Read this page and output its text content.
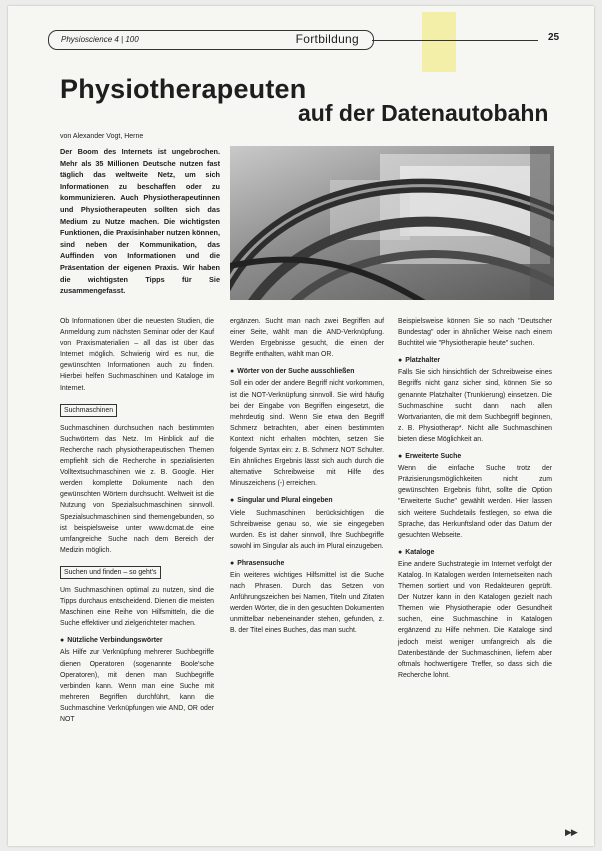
Physioscience 4 | 100	Fortbildung	25
Physiotherapeuten
auf der Datenautobahn
von Alexander Vogt, Herne

Der Boom des Internets ist ungebrochen. Mehr als 35 Millionen Deutsche nutzen fast täglich das weltweite Netz, um sich Informationen zu beschaffen oder zu kommunizieren. Auch Physiotherapeutinnen und Physiotherapeuten sollten sich das Medium zu Nutze machen. Die wichtigsten Funktionen, die Praxisinhaber nutzen können, sind neben der Kommunikation, das Auffinden von Informationen und die Präsentation der eigenen Praxis. Wir haben die wichtigsten Tipps für Sie zusammengefasst.

Ob Informationen über die neuesten Studien, die Anmeldung zum nächsten Seminar oder der Kauf von Praxismaterialien – all das ist über das Internet möglich. Schwierig wird es nur, die gewünschten Informationen auch zu finden. Hierbei helfen Suchmaschinen und Kataloge im Internet.

Suchmaschinen

Suchmaschinen durchsuchen nach bestimmten Suchwörtern das Netz. Im Hinblick auf die Recherche nach physiotherapeutischen Themen empfiehlt sich die Recherche in spezialisierten Volltextsuchmaschinen wie z. B. Google. Hier werden komplette Dokumente nach den gewünschten Wörtern durchsucht. Weltweit ist die Nutzung von Spezialsuchmaschinen sinnvoll. Spezialsuchmaschinen sind themengebunden, so ist beispielsweise unter www.dcmat.de eine umfangreiche Suche nach dem Bereich der Medizin möglich.

Suchen und finden – so geht's

Um Suchmaschinen optimal zu nutzen, sind die Tipps durchaus entscheidend. Dienen die meisten Maschinen eine Reihe von Hilfsmitteln, die die Suche effektiver und zielgerichteter machen.

● Nützliche Verbindungswörter

Als Hilfe zur Verknüpfung mehrerer Suchbegriffe dienen Operatoren (sogenannte Boole'sche Operatoren), mit denen man Suchbegriffe verbinden kann. Wenn man eine Suche mit mehreren Begriffen durchführt, kann die Suchmaschine Verknüpfungen wie AND, OR oder NOT

ergänzen. Sucht man nach zwei Begriffen auf einer Seite, wählt man die AND-Verknüpfung. Werden Ergebnisse gesucht, die einen der Begriffe enthalten, wählt man OR.

● Wörter von der Suche ausschließen

Soll ein oder der andere Begriff nicht vorkommen, ist die NOT-Verknüpfung sinnvoll. Sie wird häufig bei der Eingabe von Begriffen eingesetzt, die mehrdeutig sind. Wenn Sie etwa den Begriff Schmerz betrachten, aber einen bestimmten Kontext nicht erhalten möchten, setzen Sie folgende Syntax ein: z. B. Schmerz NOT Schulter. Ein ähnliches Ergebnis lässt sich auch durch die alternative Schreibweise mit Hilfe des Minuszeichens (-) erreichen.

● Singular und Plural eingeben

Viele Suchmaschinen berücksichtigen die Schreibweise genau so, wie sie eingegeben wurden. Es ist daher sinnvoll, Ihre Suchbegriffe sowohl im Singular als auch im Plural einzugeben.

● Phrasensuche

Ein weiteres wichtiges Hilfsmittel ist die Suche nach Phrasen. Durch das Setzen von Anführungszeichen bei Namen, Titeln und Zitaten werden Wörter, die in den gesuchten Dokumenten unmittelbar nebeneinander stehen, gefunden, z. B. der Titel eines Buches, das man sucht.

Beispielsweise können Sie so nach "Deutscher Bundestag" oder in ähnlicher Weise nach einem Buchtitel wie "Physiotherapie heute" suchen.

● Platzhalter

Falls Sie sich hinsichtlich der Schreibweise eines Begriffs nicht ganz sicher sind, können Sie so genannte Platzhalter (Trunkierung) einsetzen. Die Suchmaschine sucht dann nach allen Wortvarianten, die mit dem Suchbegriff beginnen, z. B. Physiotherap*. Nicht alle Suchmaschinen bieten diese Möglichkeit an.

● Erweiterte Suche

Wenn die einfache Suche trotz der Präzisierungsmöglichkeiten nicht zum gewünschten Ergebnis führt, sollte die Option "Erweiterte Suche" gewählt werden. Hier lassen sich weitere Suchdetails festlegen, so etwa die Sprache, das Herkunftsland oder das Datum der gesuchten Webseite.

● Kataloge

Eine andere Suchstrategie im Internet verfolgt der Katalog. In Katalogen werden Internetseiten nach Themen sortiert und von Redakteuren geprüft. Der Nutzer kann in den Katalogen gezielt nach Themen wie Physiotherapie oder Gesundheit suchen, eine Suchmaschine in Katalogen ergänzend zu Hilfe nehmen. Die Kataloge sind jedoch meist weniger umfangreich als die Datenbestände der Suchmaschinen, liefern aber oftmals hochwertigere Treffer, so dass sich die Recherche lohnt.

▶▶
